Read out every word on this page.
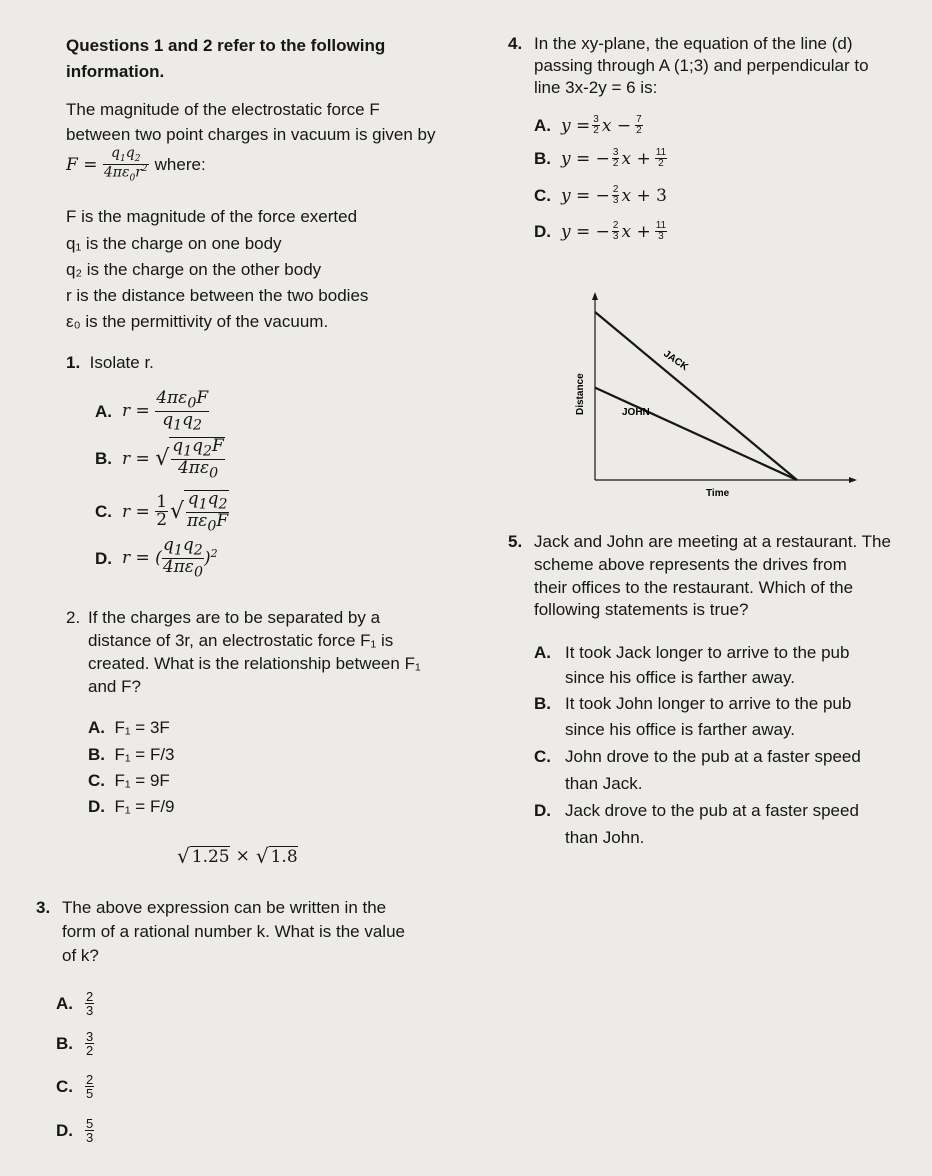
Questions 1 and 2 refer to the following
information.
The magnitude of the electrostatic force F
between two point charges in vacuum is given by
$F = \frac{q_1q_2}{4\pi\varepsilon_0r^2}$ where:
F is the magnitude of the force exerted
q₁ is the charge on one body
q₂ is the charge on the other body
r is the distance between the two bodies
ε₀ is the permittivity of the vacuum.
1. Isolate r.
A. $r = \frac{4\pi\varepsilon_0F}{q_1q_2}$
B. r = √ $\frac{q_1q_2F}{4\pi\varepsilon_0}$
C. $r = \frac{1}{2}$ √ $\frac{q_1q_2}{\pi\varepsilon_0F}$
D. r = ( $\frac{q_1q_2}{4\pi\varepsilon_0} )^2$
2. If the charges are to be separated by a
distance of 3r, an electrostatic force F₁ is
created. What is the relationship between F₁
and F?
A. F₁ = 3F
B. F₁ = F/3
C. F₁ = 9F
D. F₁ = F/9
√ 1.25 × √ 1.8
3. The above expression can be written in the
form of a rational number k. What is the value
of k?
A. $\frac{2}{3}$
B. $\frac{3}{2}$
C. $\frac{2}{5}$
D. $\frac{5}{3}$
4. In the xy-plane, the equation of the line (d)
passing through A (1;3) and perpendicular to
line 3x-2y = 6 is:
A. $y = \frac{3}{2}$ $x - \frac{7}{2}$
B. y = − $\frac{3}{2}$ $x + \frac{11}{2}$
C. y = − $\frac{2}{3}$ x + 3
D. y = − $\frac{2}{3}$ $x + \frac{11}{3}$
Distance
Time
JACK
JOHN
5. Jack and John are meeting at a restaurant. The
scheme above represents the drives from
their offices to the restaurant. Which of the
following statements is true?
A. It took Jack longer to arrive to the pub
since his office is farther away.
B. It took John longer to arrive to the pub
since his office is farther away.
C. John drove to the pub at a faster speed
than Jack.
D. Jack drove to the pub at a faster speed
than John.
